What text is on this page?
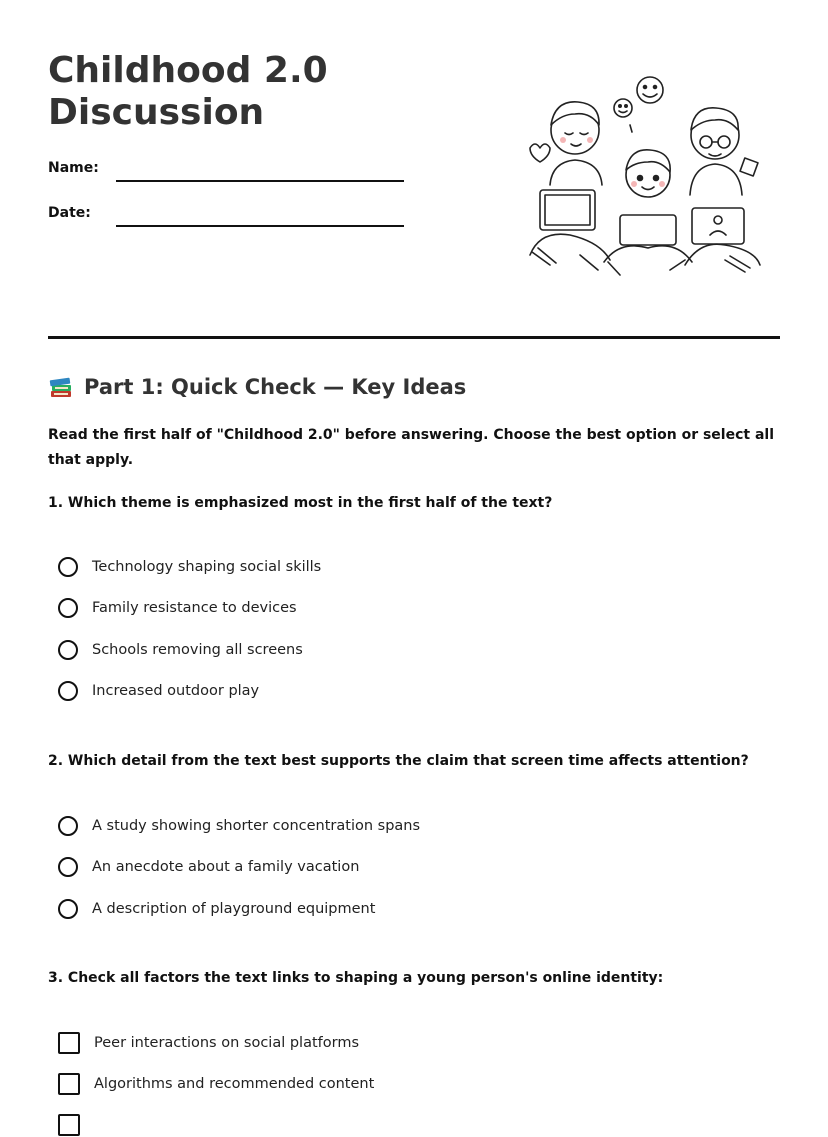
Childhood 2.0
Discussion
Name:
Date:
Part 1: Quick Check — Key Ideas
Read the first half of "Childhood 2.0" before answering. Choose the best option or select all that apply.
1. Which theme is emphasized most in the first half of the text?
Technology shaping social skills
Family resistance to devices
Schools removing all screens
Increased outdoor play
2. Which detail from the text best supports the claim that screen time affects attention?
A study showing shorter concentration spans
An anecdote about a family vacation
A description of playground equipment
3. Check all factors the text links to shaping a young person's online identity:
Peer interactions on social platforms
Algorithms and recommended content
